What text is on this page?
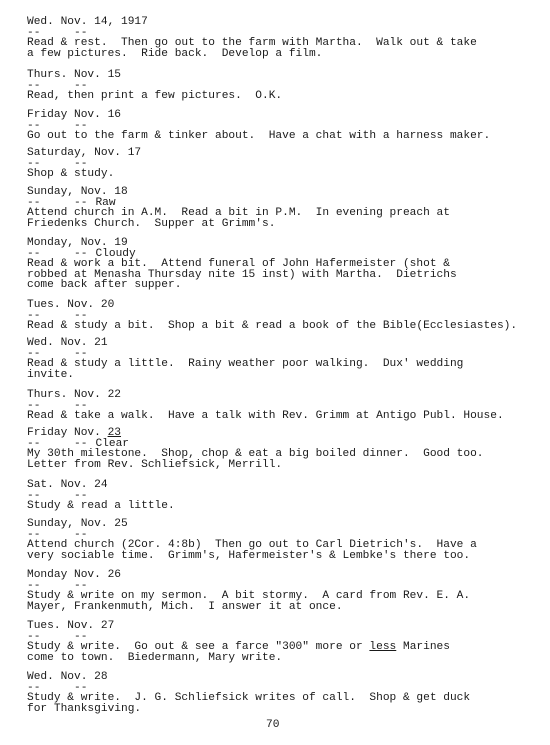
Wed. Nov. 14, 1917
--     --
Read & rest.  Then go out to the farm with Martha.  Walk out & take
a few pictures.  Ride back.  Develop a film.
Thurs. Nov. 15
--     --
Read, then print a few pictures.  O.K.
Friday Nov. 16
--     --
Go out to the farm & tinker about.  Have a chat with a harness maker.
Saturday, Nov. 17
--     --
Shop & study.
Sunday, Nov. 18
--     -- Raw
Attend church in A.M.  Read a bit in P.M.  In evening preach at
Friedenks Church.  Supper at Grimm's.
Monday, Nov. 19
--     -- Cloudy
Read & work a bit.  Attend funeral of John Hafermeister (shot &
robbed at Menasha Thursday nite 15 inst) with Martha.  Dietrichs
come back after supper.
Tues. Nov. 20
--     --
Read & study a bit.  Shop a bit & read a book of the Bible(Ecclesiastes).
Wed. Nov. 21
--     --
Read & study a little.  Rainy weather poor walking.  Dux' wedding
invite.
Thurs. Nov. 22
--     --
Read & take a walk.  Have a talk with Rev. Grimm at Antigo Publ. House.
Friday Nov. 23
--     -- Clear
My 30th milestone.  Shop, chop & eat a big boiled dinner.  Good too.
Letter from Rev. Schliefsick, Merrill.
Sat. Nov. 24
--     --
Study & read a little.
Sunday, Nov. 25
--     --
Attend church (2Cor. 4:8b)  Then go out to Carl Dietrich's.  Have a
very sociable time.  Grimm's, Hafermeister's & Lembke's there too.
Monday Nov. 26
--     --
Study & write on my sermon.  A bit stormy.  A card from Rev. E. A.
Mayer, Frankenmuth, Mich.  I answer it at once.
Tues. Nov. 27
--     --
Study & write.  Go out & see a farce "300" more or less Marines
come to town.  Biedermann, Mary write.
Wed. Nov. 28
--     --
Study & write.  J. G. Schliefsick writes of call.  Shop & get duck
for Thanksgiving.
70
